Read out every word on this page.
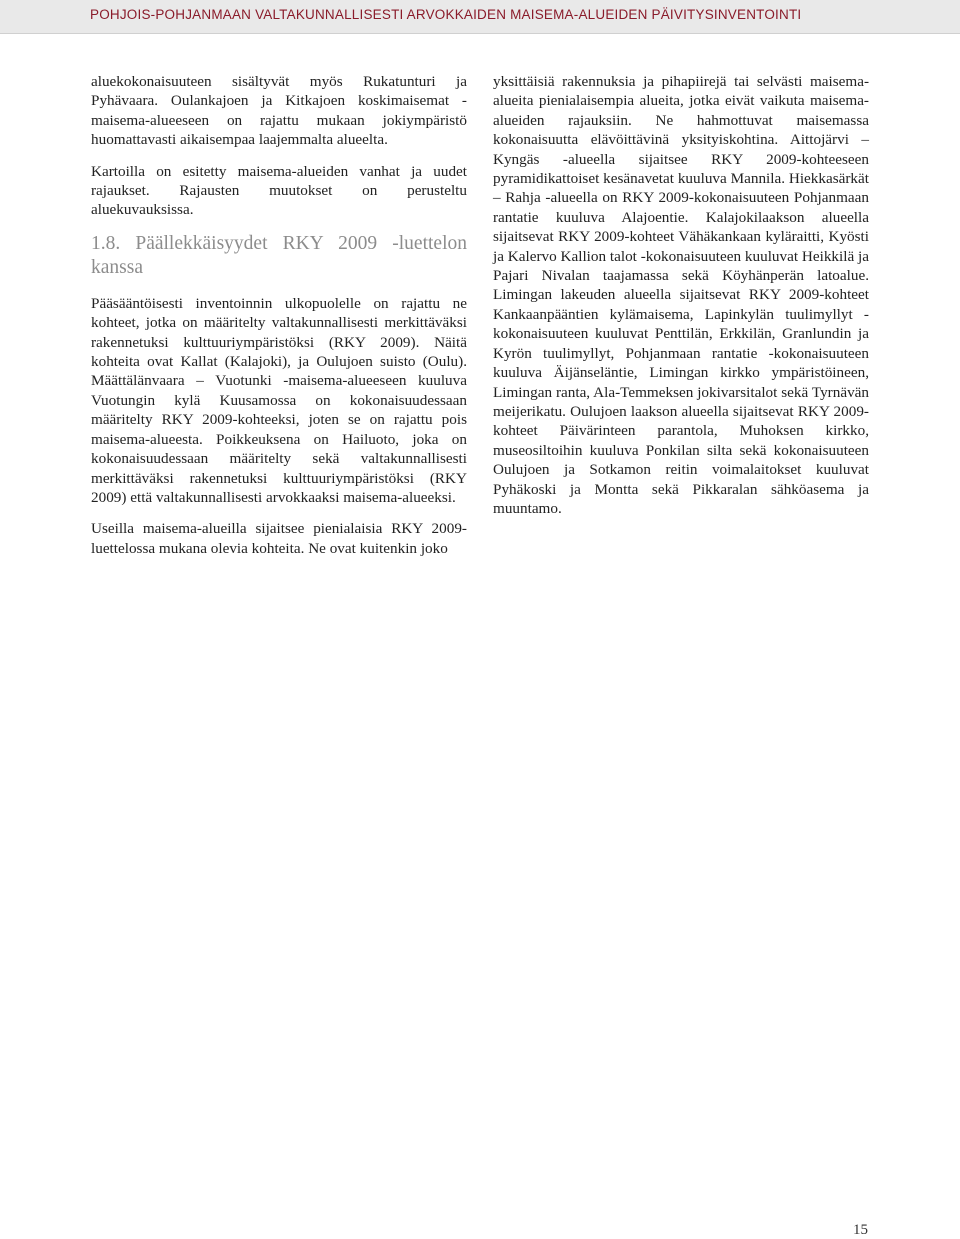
POHJOIS-POHJANMAAN VALTAKUNNALLISESTI ARVOKKAIDEN MAISEMA-ALUEIDEN PÄIVITYSINVENTOINTI

aluekokonaisuuteen sisältyvät myös Rukatunturi ja Pyhävaara. Oulankajoen ja Kitkajoen koskimaisemat -maisema-alueeseen on rajattu mukaan jokiympäristö huomattavasti aikaisempaa laajemmalta alueelta.

Kartoilla on esitetty maisema-alueiden vanhat ja uudet rajaukset. Rajausten muutokset on perusteltu aluekuvauksissa.

1.8. Päällekkäisyydet RKY 2009 -luettelon kanssa

Pääsääntöisesti inventoinnin ulkopuolelle on rajattu ne kohteet, jotka on määritelty valtakunnallisesti merkittäväksi rakennetuksi kulttuuriympäristöksi (RKY 2009). Näitä kohteita ovat Kallat (Kalajoki), ja Oulujoen suisto (Oulu). Määttälänvaara – Vuotunki -maisema-alueeseen kuuluva Vuotungin kylä Kuusamossa on kokonaisuudessaan määritelty RKY 2009-kohteeksi, joten se on rajattu pois maisema-alueesta. Poikkeuksena on Hailuoto, joka on kokonaisuudessaan määritelty sekä valtakunnallisesti merkittäväksi rakennetuksi kulttuuriympäristöksi (RKY 2009) että valtakunnallisesti arvokkaaksi maisema-alueeksi.

Useilla maisema-alueilla sijaitsee pienialaisia RKY 2009-luettelossa mukana olevia kohteita. Ne ovat kuitenkin joko

yksittäisiä rakennuksia ja pihapiirejä tai selvästi maisema-alueita pienialaisempia alueita, jotka eivät vaikuta maisema-alueiden rajauksiin. Ne hahmottuvat maisemassa kokonaisuutta elävöittävinä yksityiskohtina. Aittojärvi – Kyngäs -alueella sijaitsee RKY 2009-kohteeseen pyramidikattoiset kesänavetat kuuluva Mannila. Hiekkasärkät – Rahja -alueella on RKY 2009-kokonaisuuteen Pohjanmaan rantatie kuuluva Alajoentie. Kalajokilaakson alueella sijaitsevat RKY 2009-kohteet Vähäkankaan kyläraitti, Kyösti ja Kalervo Kallion talot -kokonaisuuteen kuuluvat Heikkilä ja Pajari Nivalan taajamassa sekä Köyhänperän latoalue. Limingan lakeuden alueella sijaitsevat RKY 2009-kohteet Kankaanpääntien kylämaisema, Lapinkylän tuulimyllyt -kokonaisuuteen kuuluvat Penttilän, Erkkilän, Granlundin ja Kyrön tuulimyllyt, Pohjanmaan rantatie -kokonaisuuteen kuuluva Äijänseläntie, Limingan kirkko ympäristöineen, Limingan ranta, Ala-Temmeksen jokivarsitalot sekä Tyrnävän meijerikatu. Oulujoen laakson alueella sijaitsevat RKY 2009-kohteet Päivärinteen parantola, Muhoksen kirkko, museosiltoihin kuuluva Ponkilan silta sekä kokonaisuuteen Oulujoen ja Sotkamon reitin voimalaitokset kuuluvat Pyhäkoski ja Montta sekä Pikkaralan sähköasema ja muuntamo.

15
